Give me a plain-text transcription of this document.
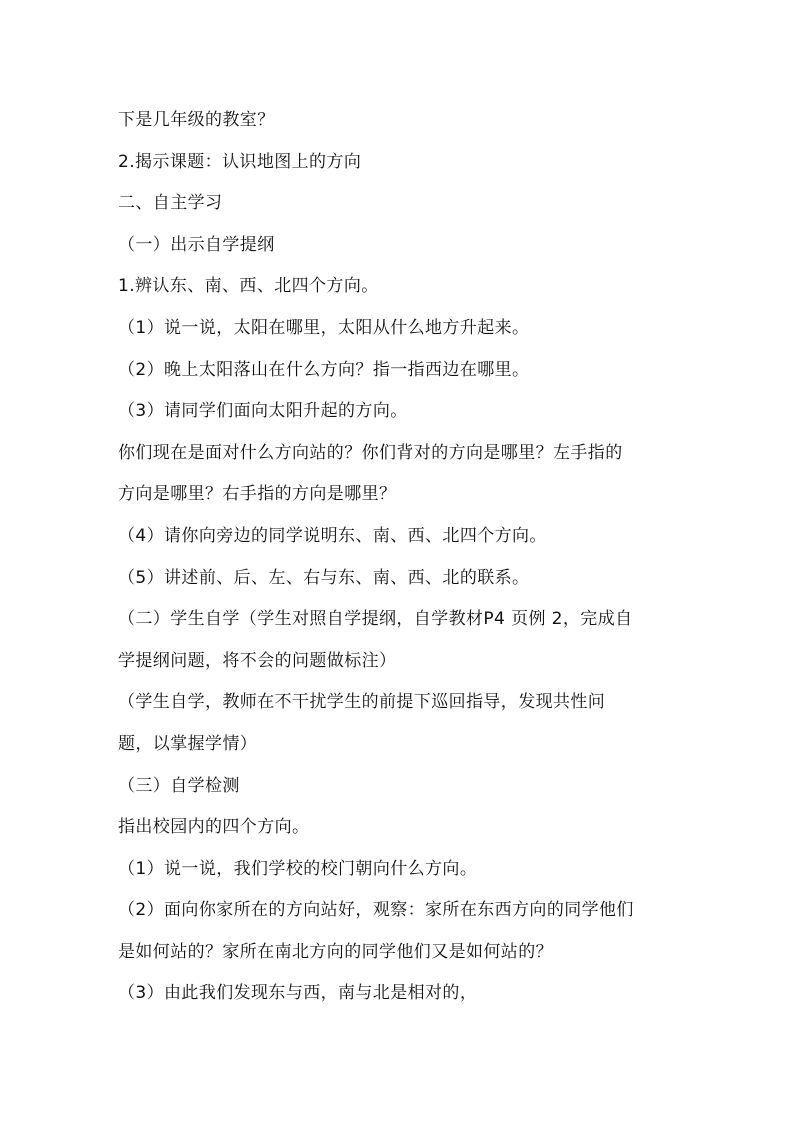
下是几年级的教室？
2.揭示课题：认识地图上的方向
二、自主学习
（一）出示自学提纲
1.辨认东、南、西、北四个方向。
（1）说一说，太阳在哪里，太阳从什么地方升起来。
（2）晚上太阳落山在什么方向？指一指西边在哪里。
（3）请同学们面向太阳升起的方向。
你们现在是面对什么方向站的？你们背对的方向是哪里？左手指的
方向是哪里？右手指的方向是哪里？
（4）请你向旁边的同学说明东、南、西、北四个方向。
（5）讲述前、后、左、右与东、南、西、北的联系。
（二）学生自学（学生对照自学提纲，自学教材P4 页例 2，完成自
学提纲问题，将不会的问题做标注）
（学生自学，教师在不干扰学生的前提下巡回指导，发现共性问
题，以掌握学情）
（三）自学检测
指出校园内的四个方向。
（1）说一说，我们学校的校门朝向什么方向。
（2）面向你家所在的方向站好，观察：家所在东西方向的同学他们
是如何站的？家所在南北方向的同学他们又是如何站的？
（3）由此我们发现东与西，南与北是相对的，
